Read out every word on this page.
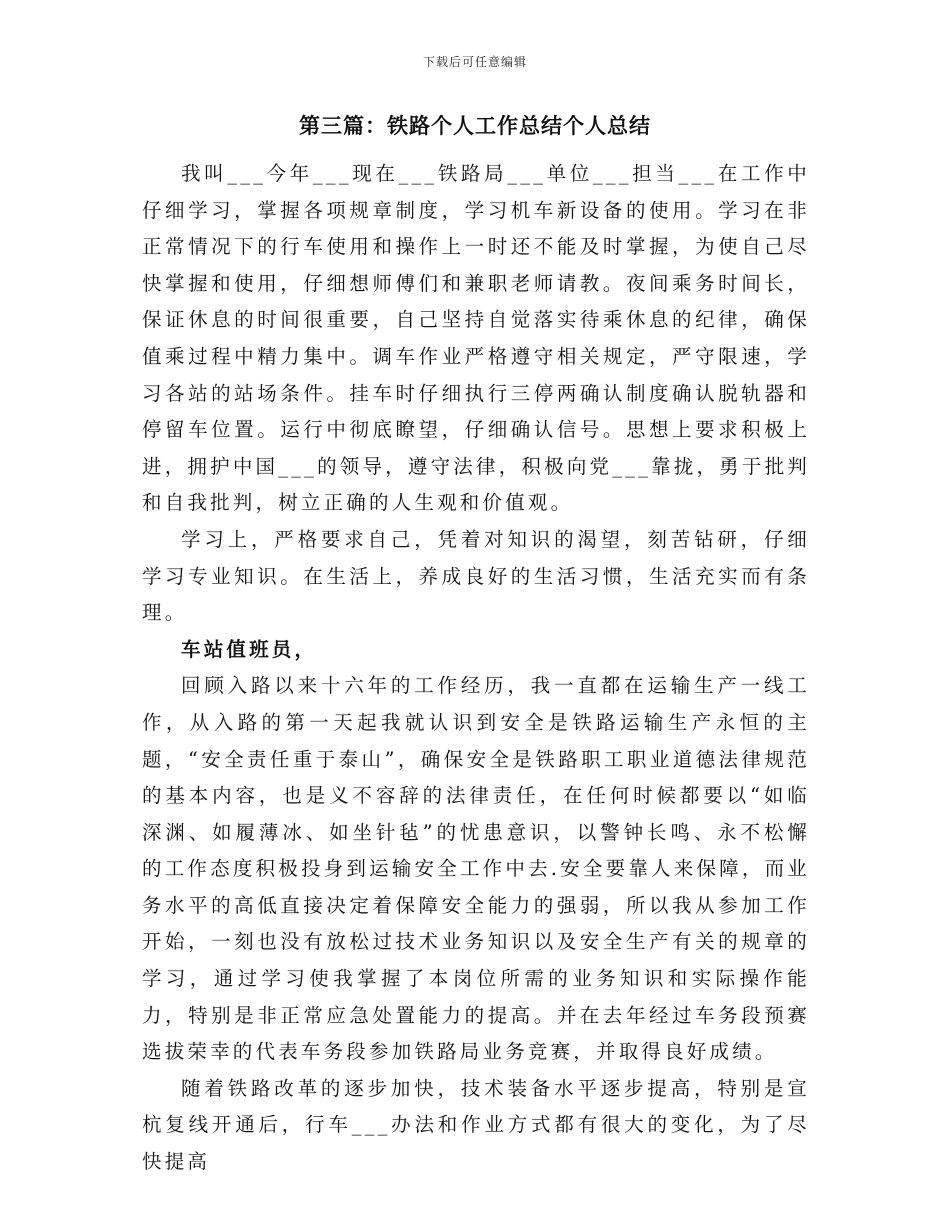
下载后可任意编辑
第三篇：铁路个人工作总结个人总结

我叫___今年___现在___铁路局___单位___担当___在工作中仔细学习，掌握各项规章制度，学习机车新设备的使用。学习在非正常情况下的行车使用和操作上一时还不能及时掌握，为使自己尽快掌握和使用，仔细想师傅们和兼职老师请教。夜间乘务时间长，保证休息的时间很重要，自己坚持自觉落实待乘休息的纪律，确保值乘过程中精力集中。调车作业严格遵守相关规定，严守限速，学习各站的站场条件。挂车时仔细执行三停两确认制度确认脱轨器和停留车位置。运行中彻底瞭望，仔细确认信号。思想上要求积极上进，拥护中国___的领导，遵守法律，积极向党___靠拢，勇于批判和自我批判，树立正确的人生观和价值观。

学习上，严格要求自己，凭着对知识的渴望，刻苦钻研，仔细学习专业知识。在生活上，养成良好的生活习惯，生活充实而有条理。

车站值班员，

回顾入路以来十六年的工作经历，我一直都在运输生产一线工作，从入路的第一天起我就认识到安全是铁路运输生产永恒的主题，“安全责任重于泰山”，确保安全是铁路职工职业道德法律规范的基本内容，也是义不容辞的法律责任，在任何时候都要以“如临深渊、如履薄冰、如坐针毡”的忧患意识，以警钟长鸣、永不松懈的工作态度积极投身到运输安全工作中去.安全要靠人来保障，而业务水平的高低直接决定着保障安全能力的强弱，所以我从参加工作开始，一刻也没有放松过技术业务知识以及安全生产有关的规章的学习，通过学习使我掌握了本岗位所需的业务知识和实际操作能力，特别是非正常应急处置能力的提高。并在去年经过车务段预赛选拔荣幸的代表车务段参加铁路局业务竞赛，并取得良好成绩。

随着铁路改革的逐步加快，技术装备水平逐步提高，特别是宣杭复线开通后，行车___办法和作业方式都有很大的变化，为了尽快提高
